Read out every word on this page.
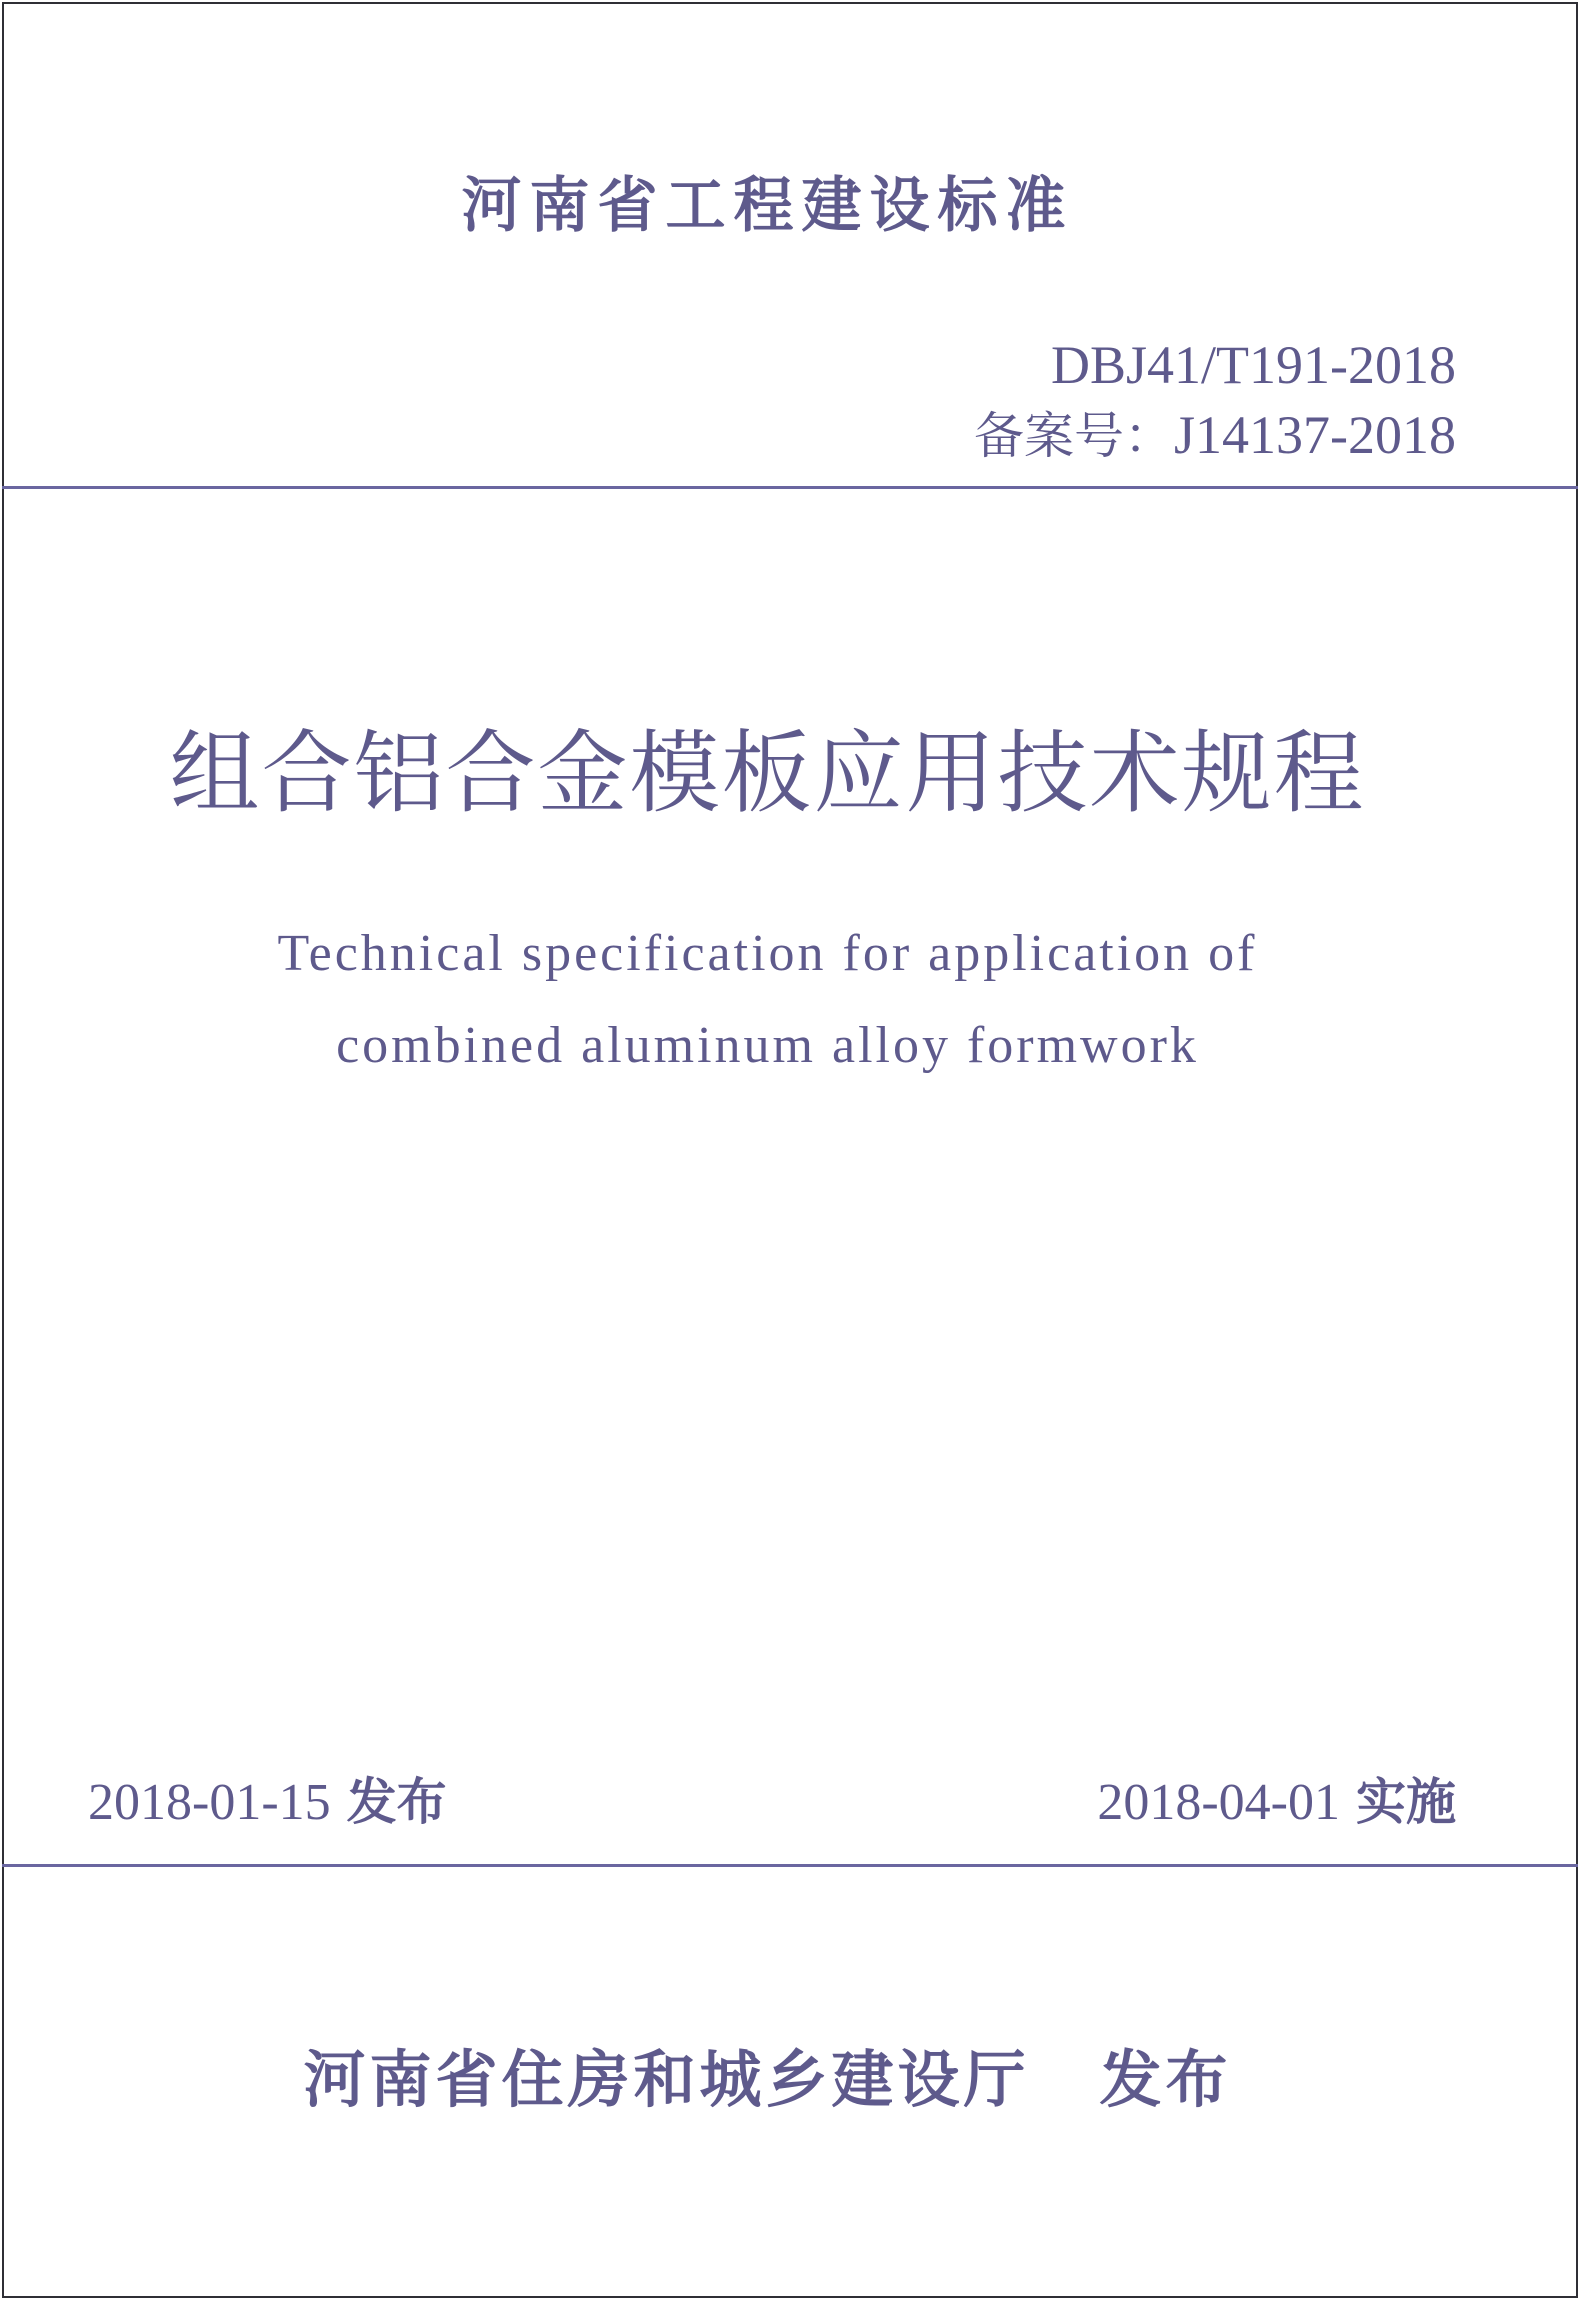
河南省工程建设标准
DBJ41/T191-2018
备案号：J14137-2018
组合铝合金模板应用技术规程
Technical specification for application of
combined aluminum alloy formwork
2018-01-15 发布	2018-04-01 实施
河南省住房和城乡建设厅 发布
